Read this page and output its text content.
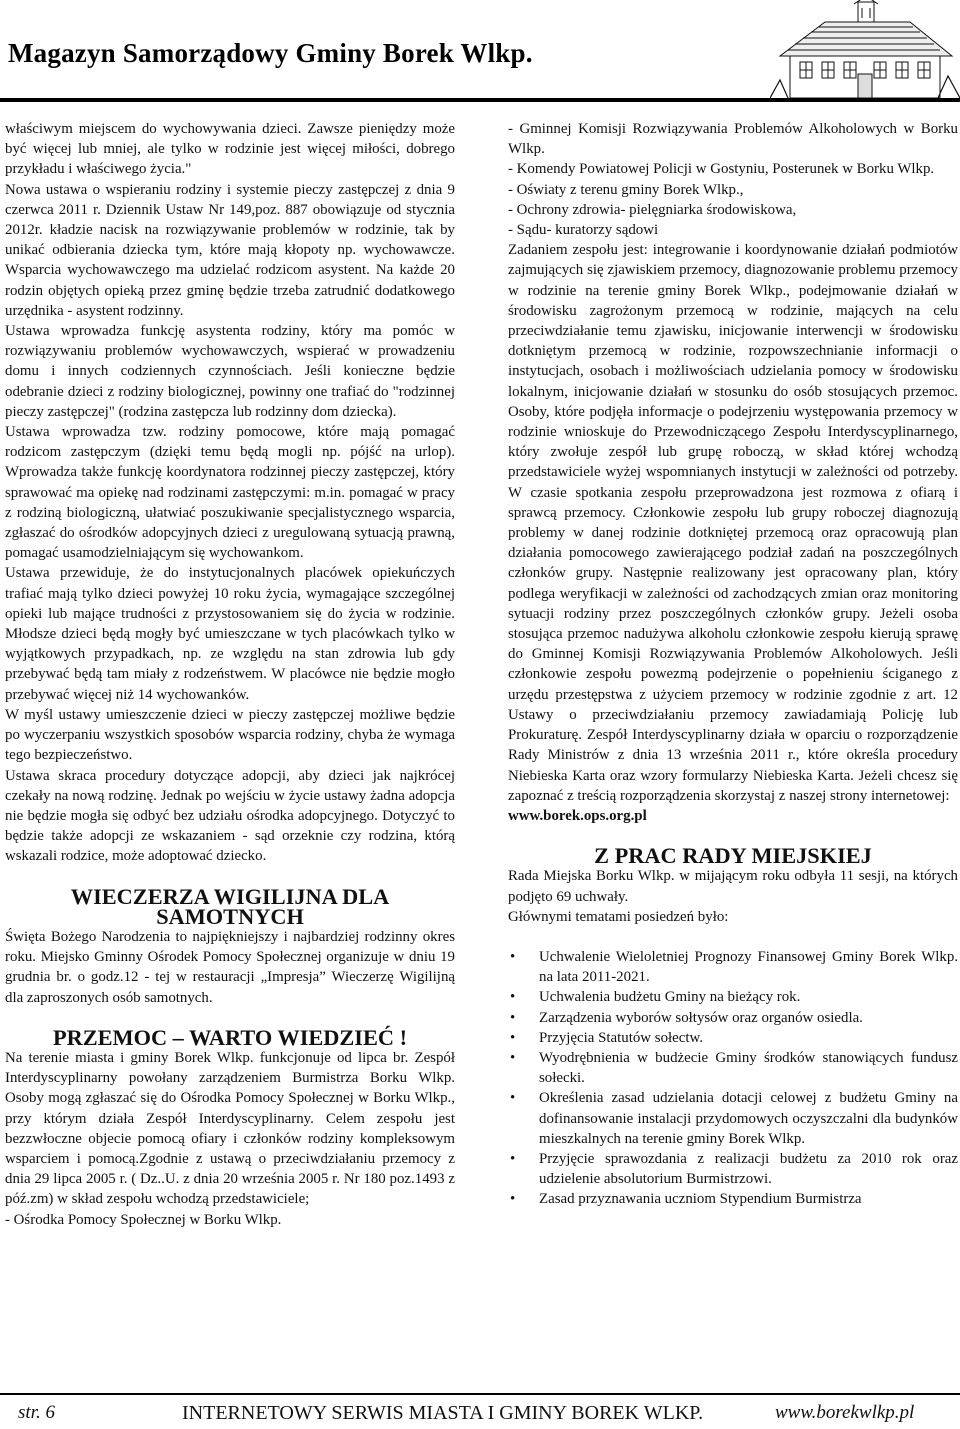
Magazyn Samorządowy Gminy Borek Wlkp.

właściwym miejscem do wychowywania dzieci. Zawsze pieniędzy może być więcej lub mniej, ale tylko w rodzinie jest więcej miłości, dobrego przykładu i właściwego życia."

Nowa ustawa o wspieraniu rodziny i systemie pieczy zastępczej z dnia 9 czerwca 2011 r. Dziennik Ustaw Nr 149,poz. 887 obowiązuje od stycznia 2012r. kładzie nacisk na rozwiązywanie problemów w rodzinie, tak by unikać odbierania dziecka tym, które mają kłopoty np. wychowawcze. Wsparcia wychowawczego ma udzielać rodzicom asystent. Na każde 20 rodzin objętych opieką przez gminę będzie trzeba zatrudnić dodatkowego urzędnika - asystent rodzinny.

Ustawa wprowadza funkcję asystenta rodziny, który ma pomóc w rozwiązywaniu problemów wychowawczych, wspierać w prowadzeniu domu i innych codziennych czynnościach. Jeśli konieczne będzie odebranie dzieci z rodziny biologicznej, powinny one trafiać do "rodzinnej pieczy zastępczej" (rodzina zastępcza lub rodzinny dom dziecka).

Ustawa wprowadza tzw. rodziny pomocowe, które mają pomagać rodzicom zastępczym (dzięki temu będą mogli np. pójść na urlop). Wprowadza także funkcję koordynatora rodzinnej pieczy zastępczej, który sprawować ma opiekę nad rodzinami zastępczymi: m.in. pomagać w pracy z rodziną biologiczną, ułatwiać poszukiwanie specjalistycznego wsparcia, zgłaszać do ośrodków adopcyjnych dzieci z uregulowaną sytuacją prawną, pomagać usamodzielniającym się wychowankom.

Ustawa przewiduje, że do instytucjonalnych placówek opiekuńczych trafiać mają tylko dzieci powyżej 10 roku życia, wymagające szczególnej opieki lub mające trudności z przystosowaniem się do życia w rodzinie. Młodsze dzieci będą mogły być umieszczane w tych placówkach tylko w wyjątkowych przypadkach, np. ze względu na stan zdrowia lub gdy przebywać będą tam miały z rodzeństwem. W placówce nie będzie mogło przebywać więcej niż 14 wychowanków.

W myśl ustawy umieszczenie dzieci w pieczy zastępczej możliwe będzie po wyczerpaniu wszystkich sposobów wsparcia rodziny, chyba że wymaga tego bezpieczeństwo.

Ustawa skraca procedury dotyczące adopcji, aby dzieci jak najkrócej czekały na nową rodzinę. Jednak po wejściu w życie ustawy żadna adopcja nie będzie mogła się odbyć bez udziału ośrodka adopcyjnego. Dotyczyć to będzie także adopcji ze wskazaniem - sąd orzeknie czy rodzina, którą wskazali rodzice, może adoptować dziecko.

WIECZERZA WIGILIJNA DLA SAMOTNYCH

Święta Bożego Narodzenia to najpiękniejszy i najbardziej rodzinny okres roku. Miejsko Gminny Ośrodek Pomocy Społecznej organizuje w dniu 19 grudnia br. o godz.12 - tej w restauracji „Impresja” Wieczerzę Wigilijną dla zaproszonych osób samotnych.

PRZEMOC – WARTO WIEDZIEĆ !

Na terenie miasta i gminy Borek Wlkp. funkcjonuje od lipca br. Zespół Interdyscyplinarny powołany zarządzeniem Burmistrza Borku Wlkp. Osoby mogą zgłaszać się do Ośrodka Pomocy Społecznej w Borku Wlkp., przy którym działa Zespół Interdyscyplinarny. Celem zespołu jest bezzwłoczne objecie pomocą ofiary i członków rodziny kompleksowym wsparciem i pomocą.Zgodnie z ustawą o przeciwdziałaniu przemocy z dnia 29 lipca 2005 r. ( Dz..U. z dnia 20 września 2005 r. Nr 180 poz.1493 z póź.zm) w skład zespołu wchodzą przedstawiciele;

- Ośrodka Pomocy Społecznej w Borku Wlkp.

- Gminnej Komisji Rozwiązywania Problemów Alkoholowych w Borku Wlkp.

- Komendy Powiatowej Policji w Gostyniu, Posterunek w Borku Wlkp.

- Oświaty z terenu gminy Borek Wlkp.,

- Ochrony zdrowia- pielęgniarka środowiskowa,

- Sądu- kuratorzy sądowi

Zadaniem zespołu jest: integrowanie i koordynowanie działań podmiotów zajmujących się zjawiskiem przemocy, diagnozowanie problemu przemocy w rodzinie na terenie gminy Borek Wlkp., podejmowanie działań w środowisku zagrożonym przemocą w rodzinie, mających na celu przeciwdziałanie temu zjawisku, inicjowanie interwencji w środowisku dotkniętym przemocą w rodzinie, rozpowszechnianie informacji o instytucjach, osobach i możliwościach udzielania pomocy w środowisku lokalnym, inicjowanie działań w stosunku do osób stosujących przemoc. Osoby, które podjęła informacje o podejrzeniu występowania przemocy w rodzinie wnioskuje do Przewodniczącego Zespołu Interdyscyplinarnego, który zwołuje zespół lub grupę roboczą, w skład której wchodzą przedstawiciele wyżej wspomnianych instytucji w zależności od potrzeby. W czasie spotkania zespołu przeprowadzona jest rozmowa z ofiarą i sprawcą przemocy. Członkowie zespołu lub grupy roboczej diagnozują problemy w danej rodzinie dotkniętej przemocą oraz opracowują plan działania pomocowego zawierającego podział zadań na poszczególnych członków grupy. Następnie realizowany jest opracowany plan, który podlega weryfikacji w zależności od zachodzących zmian oraz monitoring sytuacji rodziny przez poszczególnych członków grupy. Jeżeli osoba stosująca przemoc nadużywa alkoholu członkowie zespołu kierują sprawę do Gminnej Komisji Rozwiązywania Problemów Alkoholowych. Jeśli członkowie zespołu powezmą podejrzenie o popełnieniu ściganego z urzędu przestępstwa z użyciem przemocy w rodzinie zgodnie z art. 12 Ustawy o przeciwdziałaniu przemocy zawiadamiają Policję lub Prokuraturę. Zespół Interdyscyplinarny działa w oparciu o rozporządzenie Rady Ministrów z dnia 13 września 2011 r., które określa procedury Niebieska Karta oraz wzory formularzy Niebieska Karta. Jeżeli chcesz się zapoznać z treścią rozporządzenia skorzystaj z naszej strony internetowej:

www.borek.ops.org.pl

Z PRAC RADY MIEJSKIEJ

Rada Miejska Borku Wlkp. w mijającym roku odbyła 11 sesji, na których podjęto 69 uchwały.

Głównymi tematami posiedzeń było:

• Uchwalenie Wieloletniej Prognozy Finansowej Gminy Borek Wlkp. na lata 2011-2021.
• Uchwalenia budżetu Gminy na bieżący rok.
• Zarządzenia wyborów sołtysów oraz organów osiedla.
• Przyjęcia Statutów sołectw.
• Wyodrębnienia w budżecie Gminy środków stanowiących fundusz sołecki.
• Określenia zasad udzielania dotacji celowej z budżetu Gminy na dofinansowanie instalacji przydomowych oczyszczalni dla budynków mieszkalnych na terenie gminy Borek Wlkp.
• Przyjęcie sprawozdania z realizacji budżetu za 2010 rok oraz udzielenie absolutorium Burmistrzowi.
• Zasad przyznawania uczniom Stypendium Burmistrza
str. 6	INTERNETOWY SERWIS MIASTA I GMINY BOREK WLKP.	www.borekwlkp.pl
